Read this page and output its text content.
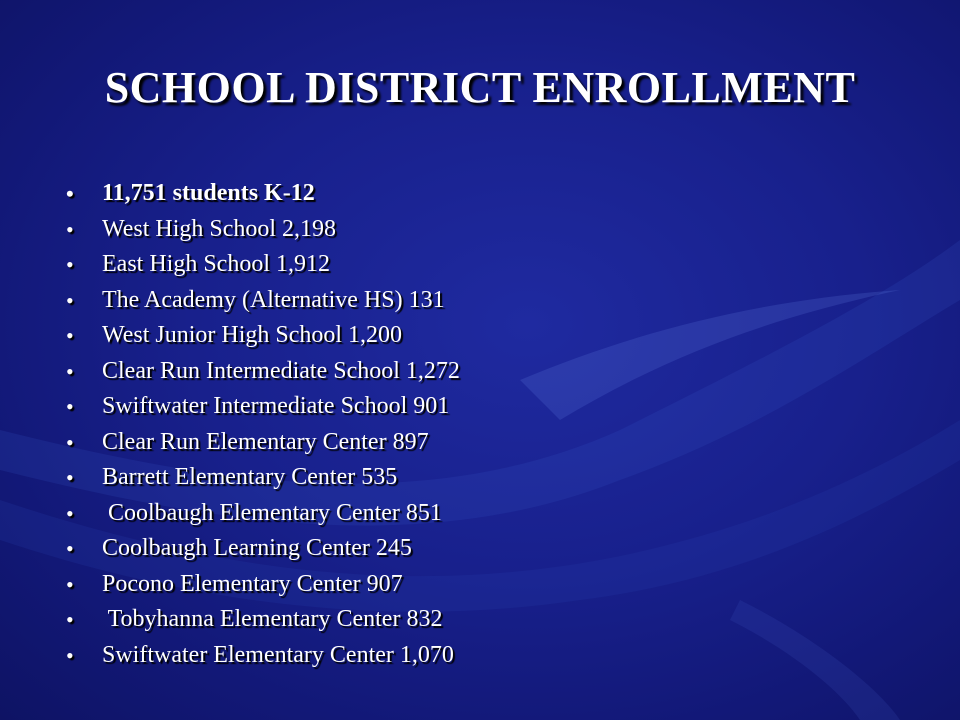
SCHOOL DISTRICT ENROLLMENT
•	11,751 students K-12
•	West High School 2,198
•	East High School 1,912
•	The Academy (Alternative HS) 131
•	West Junior High School 1,200
•	Clear Run Intermediate School 1,272
•	Swiftwater Intermediate School 901
•	Clear Run Elementary Center 897
•	Barrett Elementary Center 535
•	Coolbaugh Elementary Center 851
•	Coolbaugh Learning Center 245
•	Pocono Elementary Center 907
•	Tobyhanna Elementary Center 832
•	Swiftwater Elementary Center 1,070
